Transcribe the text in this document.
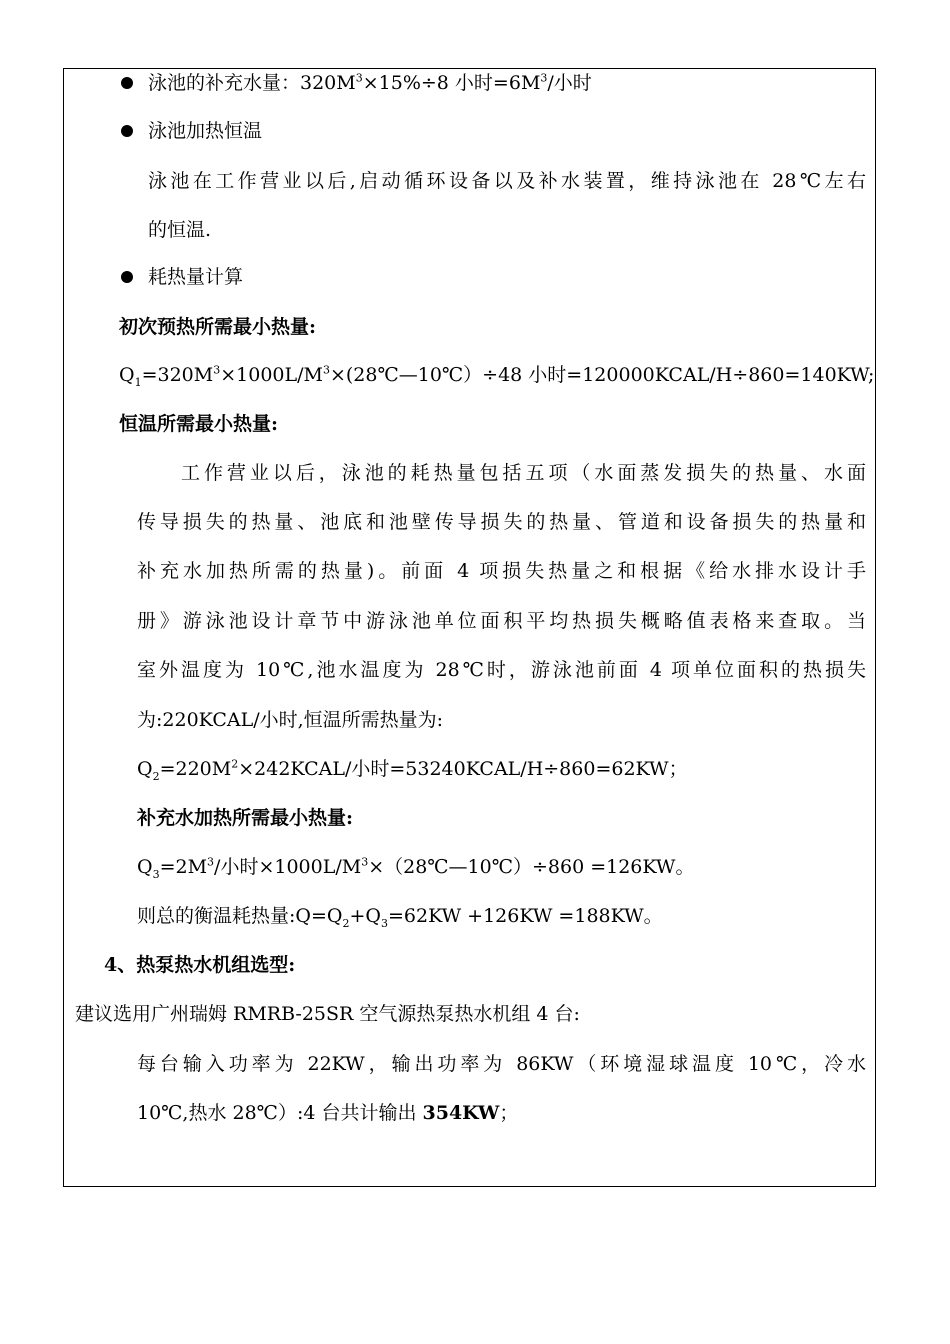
泳池的补充水量：$320M^3\times 15\%\div 8$ 小时$=6M^3/$小时
泳池加热恒温
泳池在工作营业以后,启动循环设备以及补水装置，维持泳池在 28℃左右
的恒温.
耗热量计算
初次预热所需最小热量:
$Q_1=320M^3\times 1000L/M^3\times(28℃—10℃)\div 48$ 小时=120000KCAL/H÷860=140KW;
恒温所需最小热量:
工作营业以后，泳池的耗热量包括五项（水面蒸发损失的热量、水面
传导损失的热量、池底和池壁传导损失的热量、管道和设备损失的热量和
补充水加热所需的热量)。前面 4 项损失热量之和根据《给水排水设计手
册》游泳池设计章节中游泳池单位面积平均热损失概略值表格来查取。当
室外温度为 10℃,池水温度为 28℃时，游泳池前面 4 项单位面积的热损失
为:220KCAL/小时,恒温所需热量为:
$Q_2=220M^2\times 242KCAL/$小时=53240KCAL/H÷860=62KW；
补充水加热所需最小热量:
$Q_3=2M^3/$小时$\times 1000L/M^3\times(28℃—10℃)\div 860 =126KW$。
则总的衡温耗热量$:Q=Q_2+Q_3=62KW +126KW =188KW$。
4、热泵热水机组选型:
建议选用广州瑞姆 RMRB-25SR 空气源热泵热水机组 4 台:
每台输入功率为 22KW，输出功率为 86KW（环境湿球温度 10℃，冷水
10℃,热水 28℃）:4 台共计输出 354KW；
